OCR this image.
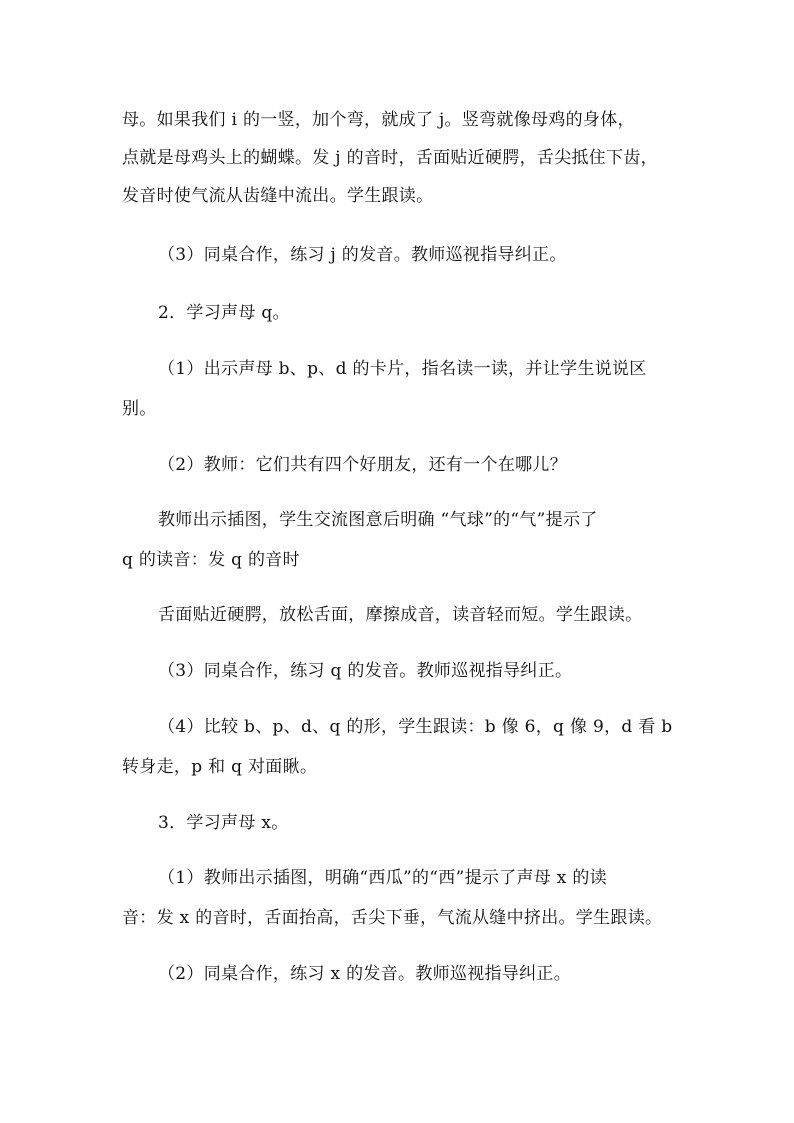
母。如果我们 i 的一竖，加个弯，就成了 j。竖弯就像母鸡的身体，
点就是母鸡头上的蝴蝶。发 j 的音时，舌面贴近硬腭，舌尖抵住下齿，
发音时使气流从齿缝中流出。学生跟读。
（3）同桌合作，练习 j 的发音。教师巡视指导纠正。
2．学习声母 q。
（1）出示声母 b、p、d 的卡片，指名读一读，并让学生说说区
别。
（2）教师：它们共有四个好朋友，还有一个在哪儿？
教师出示插图，学生交流图意后明确 “气球”的“气”提示了
q 的读音：发 q 的音时
舌面贴近硬腭，放松舌面，摩擦成音，读音轻而短。学生跟读。
（3）同桌合作，练习 q 的发音。教师巡视指导纠正。
（4）比较 b、p、d、q 的形，学生跟读：b 像 6，q 像 9，d 看 b
转身走，p 和 q 对面瞅。
3．学习声母 x。
（1）教师出示插图，明确“西瓜”的“西”提示了声母 x 的读
音：发 x 的音时，舌面抬高，舌尖下垂，气流从缝中挤出。学生跟读。
（2）同桌合作，练习 x 的发音。教师巡视指导纠正。
